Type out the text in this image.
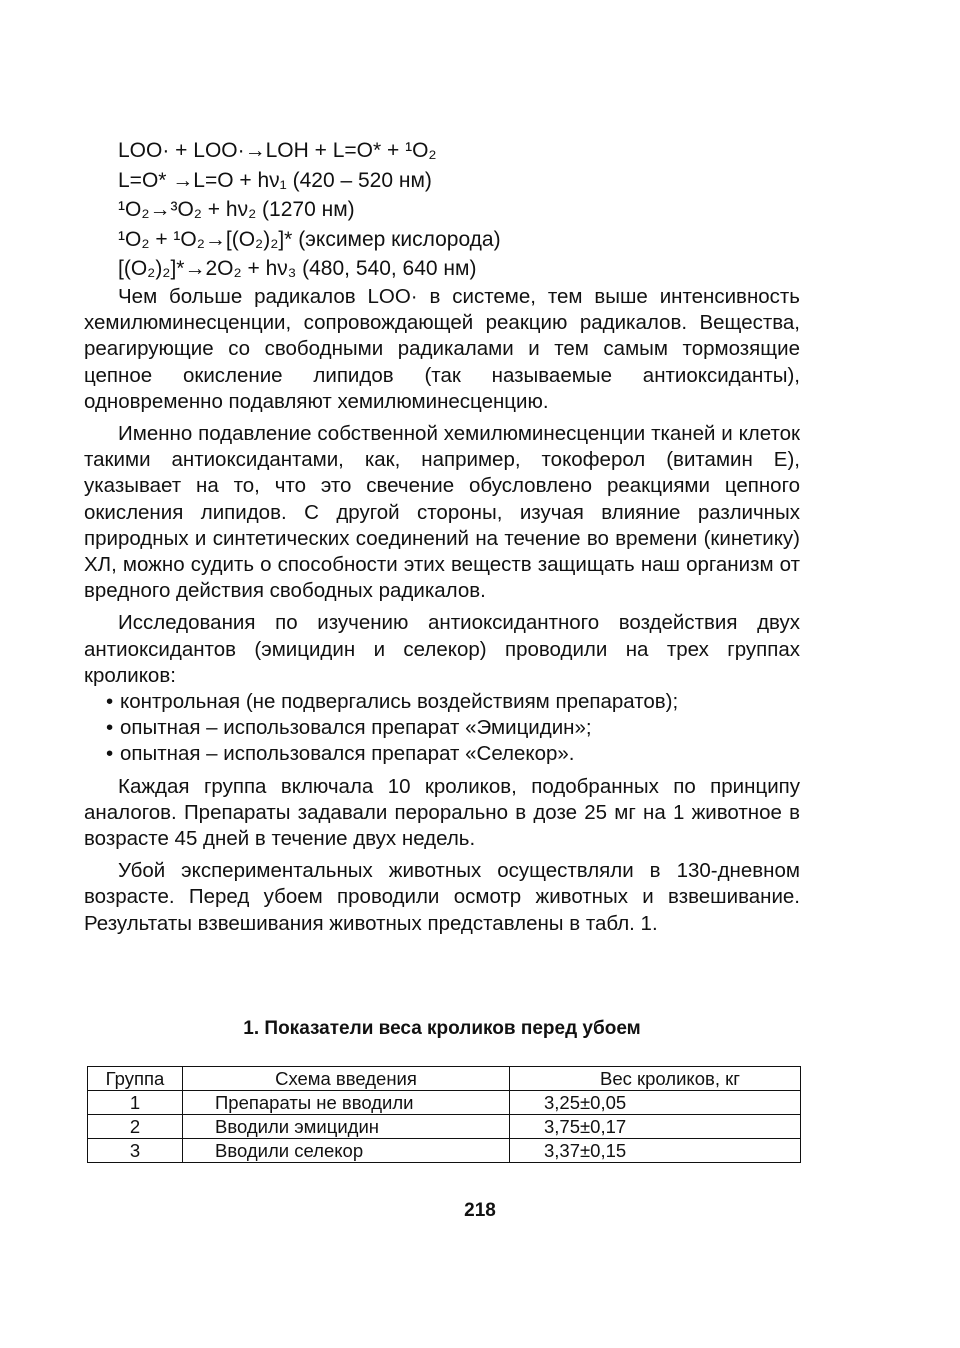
LOO· + LOO·→LOH + L=O* + ¹O₂
L=O* →L=O + hν₁ (420 – 520 нм)
¹O₂→³O₂ + hν₂ (1270 нм)
¹O₂ + ¹O₂→[(O₂)₂]* (эксимер кислорода)
[(O₂)₂]*→2O₂ + hν₃ (480, 540, 640 нм)

Чем больше радикалов LOO· в системе, тем выше интенсивность хемилюминесценции, сопровождающей реакцию радикалов. Вещества, реагирующие со свободными радикалами и тем самым тормозящие цепное окисление липидов (так называемые антиоксиданты), одновременно подавляют хемилюминесценцию.

Именно подавление собственной хемилюминесценции тканей и клеток такими антиоксидантами, как, например, токоферол (витамин Е), указывает на то, что это свечение обусловлено реакциями цепного окисления липидов. С другой стороны, изучая влияние различных природных и синтетических соединений на течение во времени (кинетику) ХЛ, можно судить о способности этих веществ защищать наш организм от вредного действия свободных радикалов.

Исследования по изучению антиоксидантного воздействия двух антиоксидантов (эмицидин и селекор) проводили на трех группах кроликов:

• контрольная (не подвергались воздействиям препаратов);
• опытная – использовался препарат «Эмицидин»;
• опытная – использовался препарат «Селекор».

Каждая группа включала 10 кроликов, подобранных по принципу аналогов. Препараты задавали перорально в дозе 25 мг на 1 животное в возрасте 45 дней в течение двух недель.

Убой экспериментальных животных осуществляли в 130-дневном возрасте. Перед убоем проводили осмотр животных и взвешивание. Результаты взвешивания животных представлены в табл. 1.

1. Показатели веса кроликов перед убоем
Группа	Схема введения	Вес кроликов, кг
1	Препараты не вводили	3,25±0,05
2	Вводили эмицидин	3,75±0,17
3	Вводили селекор	3,37±0,15
218
